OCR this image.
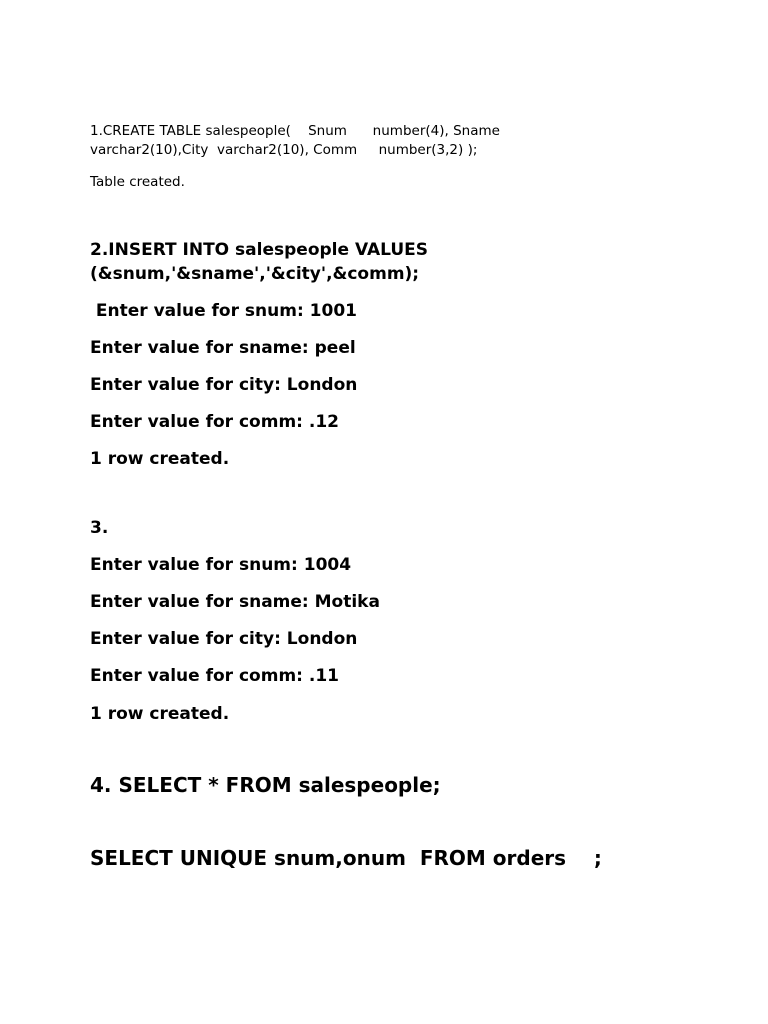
1.CREATE TABLE salespeople(    Snum      number(4), Sname
varchar2(10),City  varchar2(10), Comm     number(3,2) );
Table created.
2.INSERT INTO salespeople VALUES
(&snum,'&sname','&city',&comm);
Enter value for snum: 1001
Enter value for sname: peel
Enter value for city: London
Enter value for comm: .12
1 row created.
3.
Enter value for snum: 1004
Enter value for sname: Motika
Enter value for city: London
Enter value for comm: .11
1 row created.
4. SELECT * FROM salespeople;
SELECT UNIQUE snum,onum  FROM orders    ;
